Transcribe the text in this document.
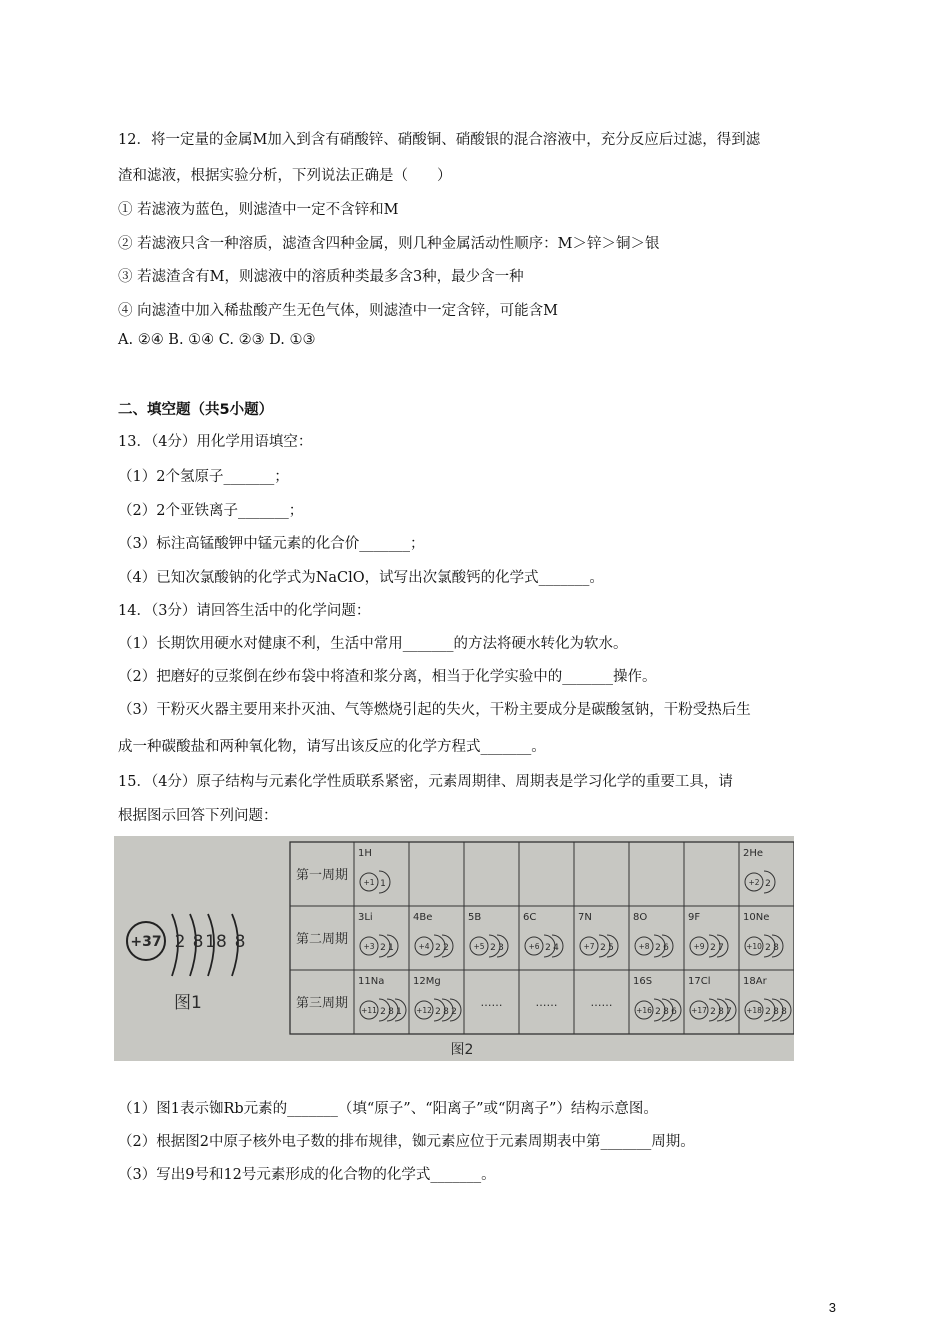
12．将一定量的金属M加入到含有硝酸锌、硝酸铜、硝酸银的混合溶液中，充分反应后过滤，得到滤
渣和滤液，根据实验分析，下列说法正确是（　　）
① 若滤液为蓝色，则滤渣中一定不含锌和M
② 若滤液只含一种溶质，滤渣含四种金属，则几种金属活动性顺序：M＞锌＞铜＞银
③ 若滤渣含有M，则滤液中的溶质种类最多含3种，最少含一种
④ 向滤渣中加入稀盐酸产生无色气体，则滤渣中一定含锌，可能含M
A. ②④ B. ①④ C. ②③ D. ①③
二、填空题（共5小题）
13．（4分）用化学用语填空：
（1）2个氢原子_______；
（2）2个亚铁离子_______；
（3）标注高锰酸钾中锰元素的化合价_______；
（4）已知次氯酸钠的化学式为NaClO，试写出次氯酸钙的化学式_______。
14．（3分）请回答生活中的化学问题：
（1）长期饮用硬水对健康不利，生活中常用_______的方法将硬水转化为软水。
（2）把磨好的豆浆倒在纱布袋中将渣和浆分离，相当于化学实验中的_______操作。
（3）干粉灭火器主要用来扑灭油、气等燃烧引起的失火，干粉主要成分是碳酸氢钠，干粉受热后生
成一种碳酸盐和两种氧化物，请写出该反应的化学方程式_______。
15．（4分）原子结构与元素化学性质联系紧密，元素周期律、周期表是学习化学的重要工具，请
根据图示回答下列问题：
+37 2 8 18 8
图1
第一周期
1H
+1 1
2He
+2 2
第二周期
3Li
+3 2 1
4Be
+4 2 2
5B
+5 2 3
6C
+6 2 4
7N
+7 2 5
8O
+8 2 6
9F
+9 2 7
10Ne
+10 2 8
第三周期
11Na
+11 2 8 1
12Mg
+12 2 8 2
……	……	……
16S
+16 2 8 6
17Cl
+17 2 8 7
18Ar
+18 2 8 8
图2
（1）图1表示铷Rb元素的_______（填“原子”、“阳离子”或“阴离子”）结构示意图。
（2）根据图2中原子核外电子数的排布规律，铷元素应位于元素周期表中第_______周期。
（3）写出9号和12号元素形成的化合物的化学式_______。
3
